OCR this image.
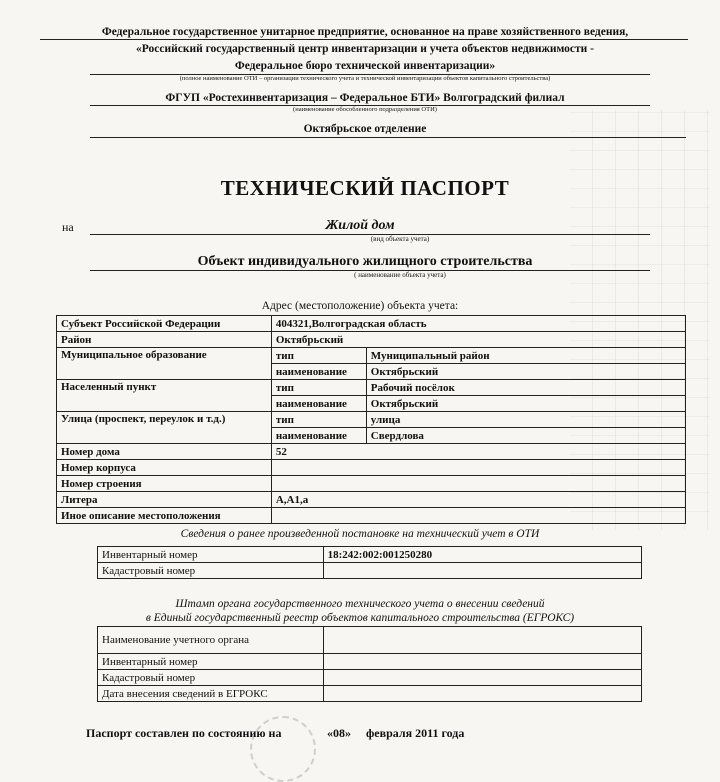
Федеральное государственное унитарное предприятие, основанное на праве хозяйственного ведения,
«Российский государственный центр инвентаризации и учета объектов недвижимости -
Федеральное бюро технической инвентаризации»
(полное наименование ОТИ – организации технического учета и технической инвентаризации объектов капитального строительства)
ФГУП «Ростехинвентаризация – Федеральное БТИ» Волгоградский филиал
(наименование обособленного подразделения ОТИ)
Октябрьское отделение
ТЕХНИЧЕСКИЙ ПАСПОРТ
на	Жилой дом
(вид объекта учета)
Объект индивидуального жилищного строительства
( наименование объекта учета)
Адрес (местоположение) объекта учета:
Субъект Российской Федерации	404321,Волгоградская область	
Район	Октябрьский	
Муниципальное образование	тип	Муниципальный район
	наименование	Октябрьский
Населенный пункт	тип	Рабочий посёлок
	наименование	Октябрьский
Улица (проспект, переулок и т.д.)	тип	улица
	наименование	Свердлова
Номер дома	52	
Номер корпуса		
Номер строения		
Литера	А,А1,а	
Иное описание местоположения		
Сведения о ранее произведенной постановке на технический учет в ОТИ
Инвентарный номер	18:242:002:001250280
Кадастровый номер	
Штамп органа государственного технического учета о внесении сведений
в Единый государственный реестр объектов капитального строительства (ЕГРОКС)
Наименование учетного органа	
Инвентарный номер	
Кадастровый номер	
Дата внесения сведений в ЕГРОКС	
Паспорт составлен по состоянию на	«08» февраля 2011 года
